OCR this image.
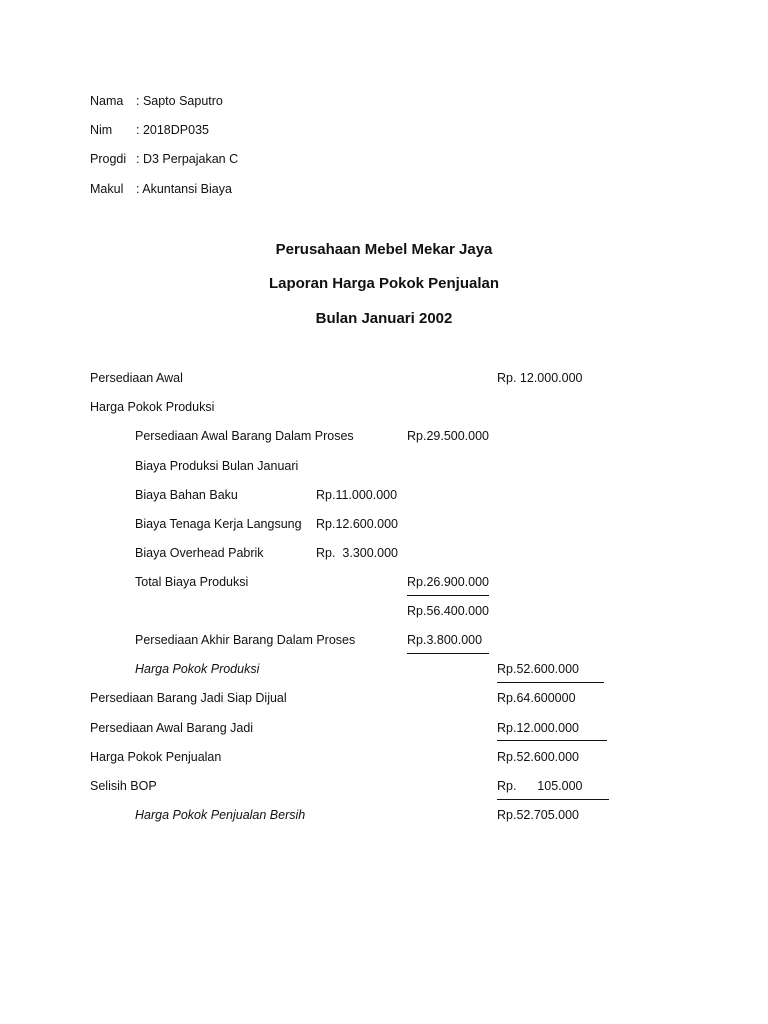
Nama : Sapto Saputro
Nim : 2018DP035
Progdi : D3 Perpajakan C
Makul : Akuntansi Biaya
Perusahaan Mebel Mekar Jaya
Laporan Harga Pokok Penjualan
Bulan Januari 2002
Persediaan Awal	Rp. 12.000.000
Harga Pokok Produksi
Persediaan Awal Barang Dalam Proses	Rp.29.500.000
Biaya Produksi Bulan Januari
Biaya Bahan Baku	Rp.11.000.000
Biaya Tenaga Kerja Langsung Rp.12.600.000
Biaya Overhead Pabrik	Rp.  3.300.000
Total Biaya Produksi	Rp.26.900.000
Rp.56.400.000
Persediaan Akhir Barang Dalam Proses	Rp.3.800.000
Harga Pokok Produksi	Rp.52.600.000
Persediaan Barang Jadi Siap Dijual	Rp.64.600000
Persediaan Awal Barang Jadi	Rp.12.000.000
Harga Pokok Penjualan	Rp.52.600.000
Selisih BOP	Rp.      105.000
Harga Pokok Penjualan Bersih	Rp.52.705.000
